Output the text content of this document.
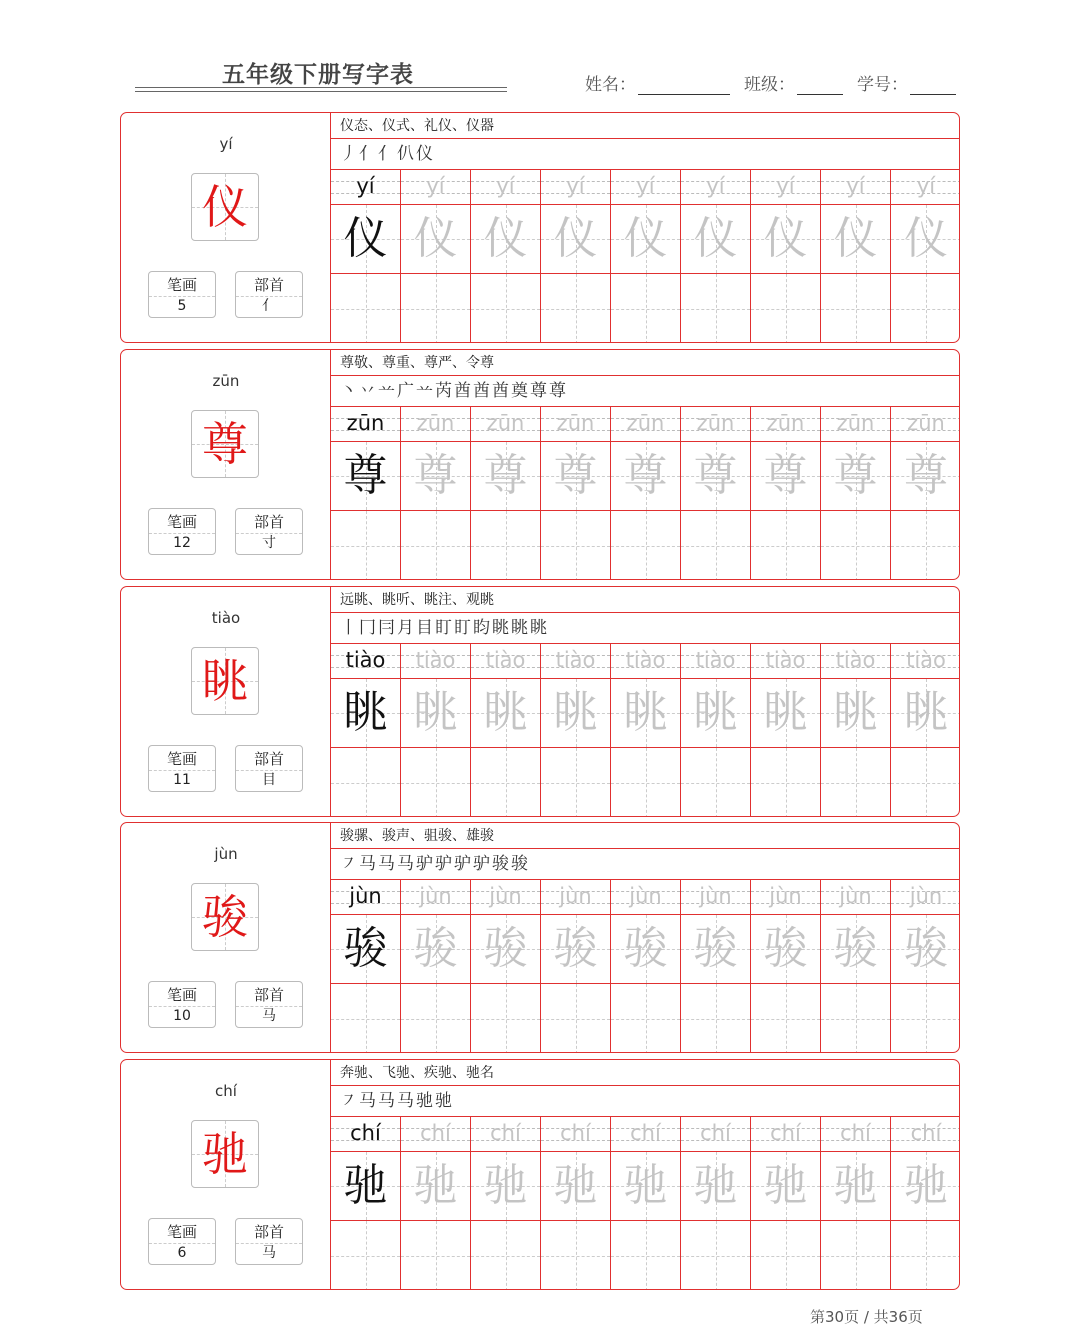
五年级下册写字表	姓名：	班级：	学号：
yí
仪
笔画
5
部首
亻
仪态、仪式、礼仪、仪器
丿亻亻仈仪
yí
仪
yí
仪
yí
仪
yí
仪
yí
仪
yí
仪
yí
仪
yí
仪
yí
仪
zūn
尊
笔画
12
部首
寸
尊敬、尊重、尊严、令尊
丶丷䒑广䒑芮酋酋酋奠尊尊
zūn
尊
zūn
尊
zūn
尊
zūn
尊
zūn
尊
zūn
尊
zūn
尊
zūn
尊
zūn
尊
tiào
眺
笔画
11
部首
目
远眺、眺听、眺注、观眺
丨冂冃月目盯盯盷眺眺眺
tiào
眺
tiào
眺
tiào
眺
tiào
眺
tiào
眺
tiào
眺
tiào
眺
tiào
眺
tiào
眺
jùn
骏
笔画
10
部首
马
骏骡、骏声、驵骏、雄骏
㇇马马马驴驴驴驴骏骏
jùn
骏
jùn
骏
jùn
骏
jùn
骏
jùn
骏
jùn
骏
jùn
骏
jùn
骏
jùn
骏
chí
驰
笔画
6
部首
马
奔驰、飞驰、疾驰、驰名
㇇马马马驰驰
chí
驰
chí
驰
chí
驰
chí
驰
chí
驰
chí
驰
chí
驰
chí
驰
chí
驰
第30页 / 共36页
